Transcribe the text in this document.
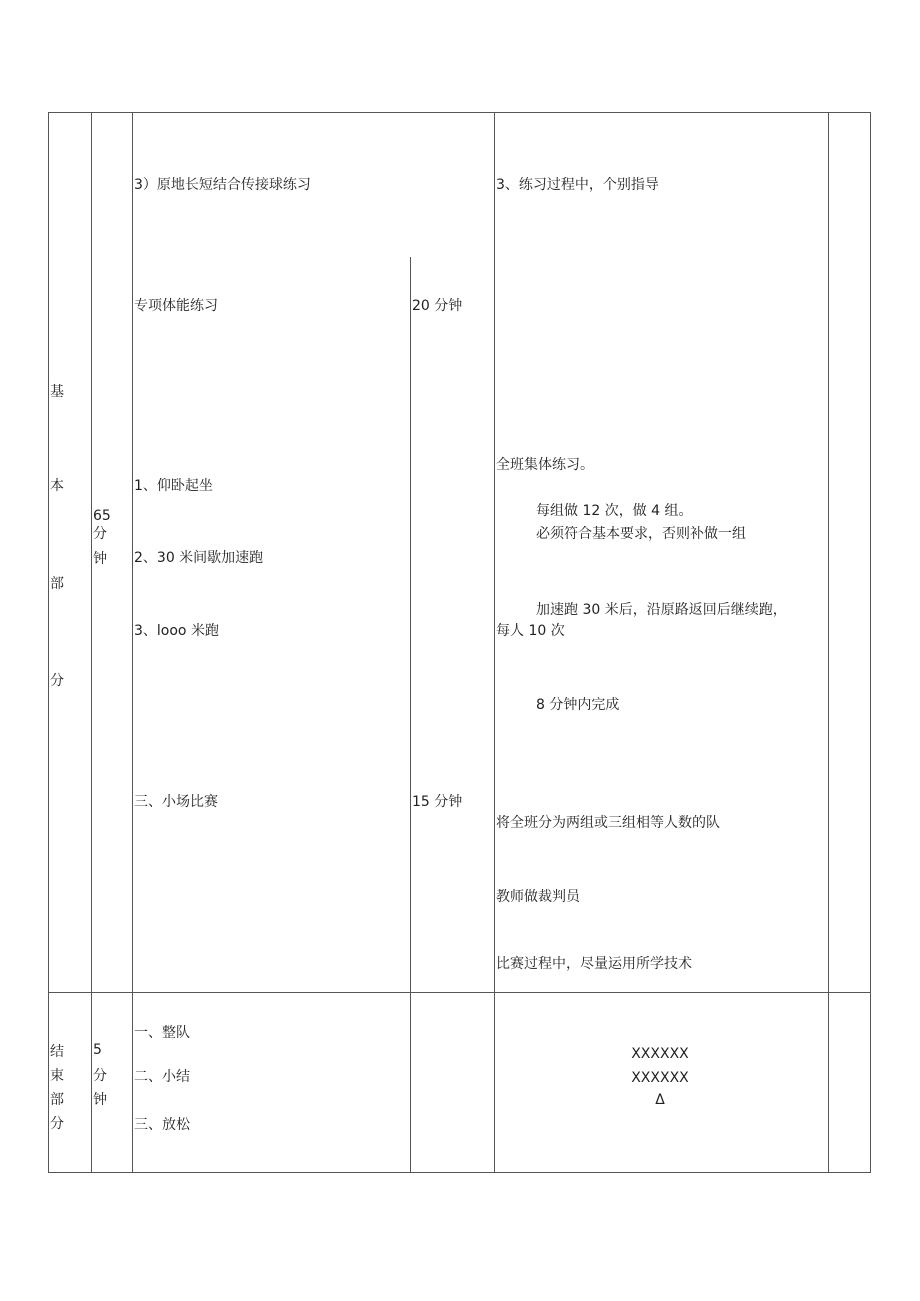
基
本
部
分
65
分
钟
3）原地长短结合传接球练习
专项体能练习
1、仰卧起坐
2、30 米间歇加速跑
3、looo 米跑
三、小场比赛
20 分钟
15 分钟
3、练习过程中，个别指导
全班集体练习。
每组做 12 次，做 4 组。
必须符合基本要求，否则补做一组
加速跑 30 米后，沿原路返回后继续跑，
每人 10 次
8 分钟内完成
将全班分为两组或三组相等人数的队
教师做裁判员
比赛过程中，尽量运用所学技术
结
束
部
分
5
分
钟
一、整队
二、小结
三、放松
XXXXXX
XXXXXX
Δ
